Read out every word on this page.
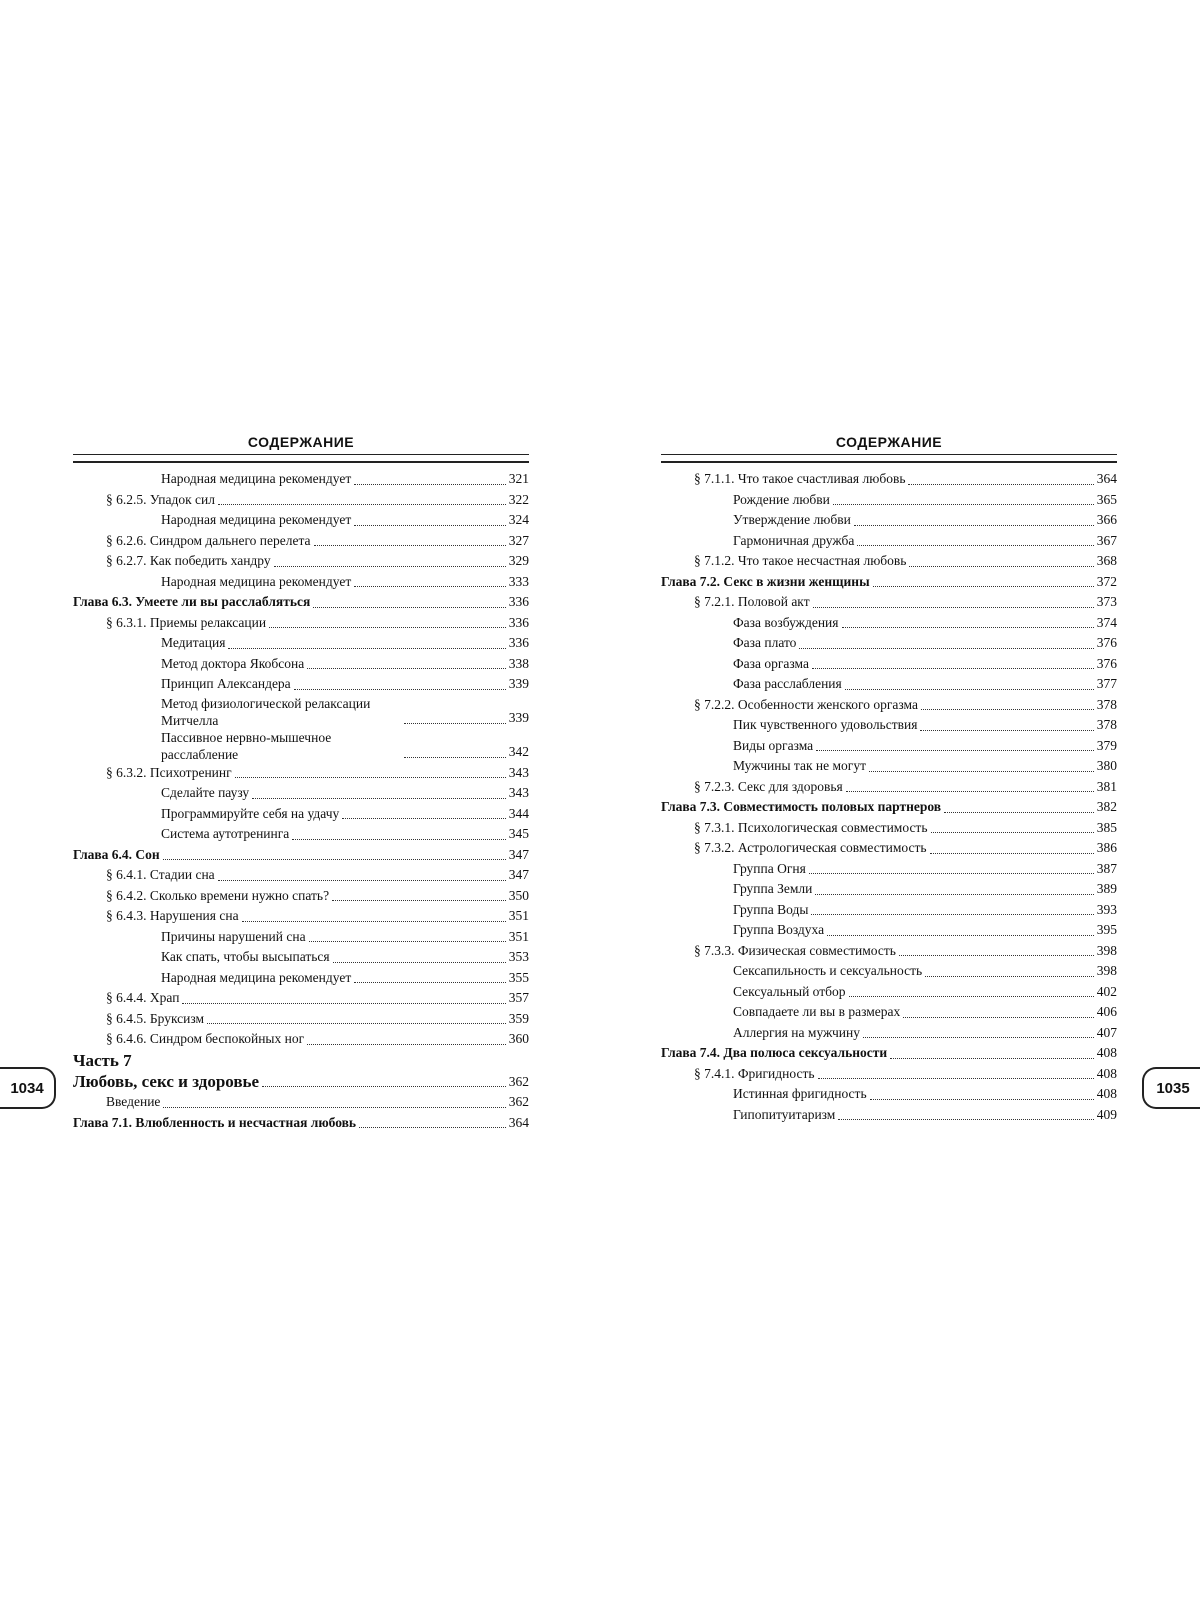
СОДЕРЖАНИЕ
Народная медицина рекомендует	321
§ 6.2.5. Упадок сил	322
Народная медицина рекомендует	324
§ 6.2.6. Синдром дальнего перелета	327
§ 6.2.7. Как победить хандру	329
Народная медицина рекомендует	333
Глава 6.3. Умеете ли вы расслабляться	336
§ 6.3.1. Приемы релаксации	336
Медитация	336
Метод доктора Якобсона	338
Принцип Александера	339
Метод физиологической релаксации Митчелла	339
Пассивное нервно-мышечное расслабление	342
§ 6.3.2. Психотренинг	343
Сделайте паузу	343
Программируйте себя на удачу	344
Система аутотренинга	345
Глава 6.4. Сон	347
§ 6.4.1. Стадии сна	347
§ 6.4.2. Сколько времени нужно спать?	350
§ 6.4.3. Нарушения сна	351
Причины нарушений сна	351
Как спать, чтобы высыпаться	353
Народная медицина рекомендует	355
§ 6.4.4. Храп	357
§ 6.4.5. Бруксизм	359
§ 6.4.6. Синдром беспокойных ног	360
Часть 7
Любовь, секс и здоровье	362
Введение	362
Глава 7.1. Влюбленность и несчастная любовь	364
СОДЕРЖАНИЕ
§ 7.1.1. Что такое счастливая любовь	364
Рождение любви	365
Утверждение любви	366
Гармоничная дружба	367
§ 7.1.2. Что такое несчастная любовь	368
Глава 7.2. Секс в жизни женщины	372
§ 7.2.1. Половой акт	373
Фаза возбуждения	374
Фаза плато	376
Фаза оргазма	376
Фаза расслабления	377
§ 7.2.2. Особенности женского оргазма	378
Пик чувственного удовольствия	378
Виды оргазма	379
Мужчины так не могут	380
§ 7.2.3. Секс для здоровья	381
Глава 7.3. Совместимость половых партнеров	382
§ 7.3.1. Психологическая совместимость	385
§ 7.3.2. Астрологическая совместимость	386
Группа Огня	387
Группа Земли	389
Группа Воды	393
Группа Воздуха	395
§ 7.3.3. Физическая совместимость	398
Сексапильность и сексуальность	398
Сексуальный отбор	402
Совпадаете ли вы в размерах	406
Аллергия на мужчину	407
Глава 7.4. Два полюса сексуальности	408
§ 7.4.1. Фригидность	408
Истинная фригидность	408
Гипопитуитаризм	409
1034	1035
